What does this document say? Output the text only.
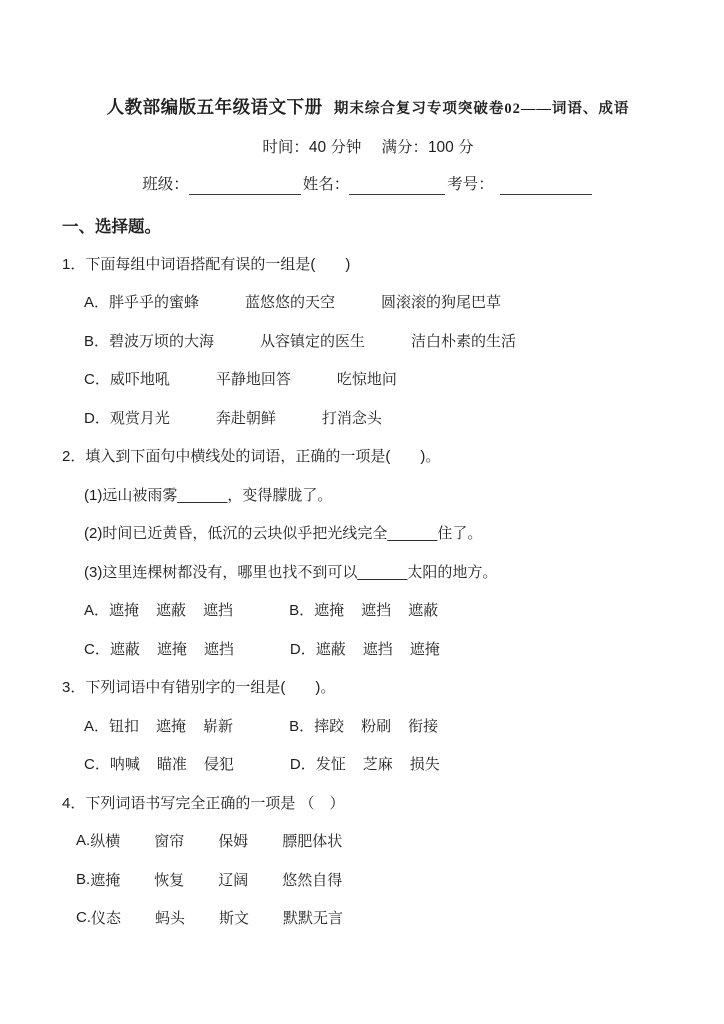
人教部编版五年级语文下册 期末综合复习专项突破卷02——词语、成语
时间：40 分钟 满分：100 分
班级：	姓名：	考号：
一、选择题。
1．下面每组中词语搭配有误的一组是(　　)
A． 胖乎乎的蜜蜂	蓝悠悠的天空	圆滚滚的狗尾巴草
B． 碧波万顷的大海	从容镇定的医生	洁白朴素的生活
C． 威吓地吼	平静地回答	吃惊地问
D． 观赏月光	奔赴朝鲜	打消念头
2．填入到下面句中横线处的词语，正确的一项是(　　)。
(1)远山被雨雾______，变得朦胧了。
(2)时间已近黄昏，低沉的云块似乎把光线完全______住了。
(3)这里连棵树都没有，哪里也找不到可以______太阳的地方。
A． 遮掩 遮蔽 遮挡	B． 遮掩 遮挡 遮蔽
C． 遮蔽 遮掩 遮挡	D． 遮蔽 遮挡 遮掩
3．下列词语中有错别字的一组是(　　)。
A． 钮扣 遮掩 崭新	B． 摔跤 粉刷 衔接
C． 呐喊 瞄准 侵犯	D． 发怔 芝麻 损失
4．下列词语书写完全正确的一项是 （　）
A. 纵横 窗帘 保姆 膘肥体状
B. 遮掩 恢复 辽阔 悠然自得
C. 仪态 蚂头 斯文 默默无言
